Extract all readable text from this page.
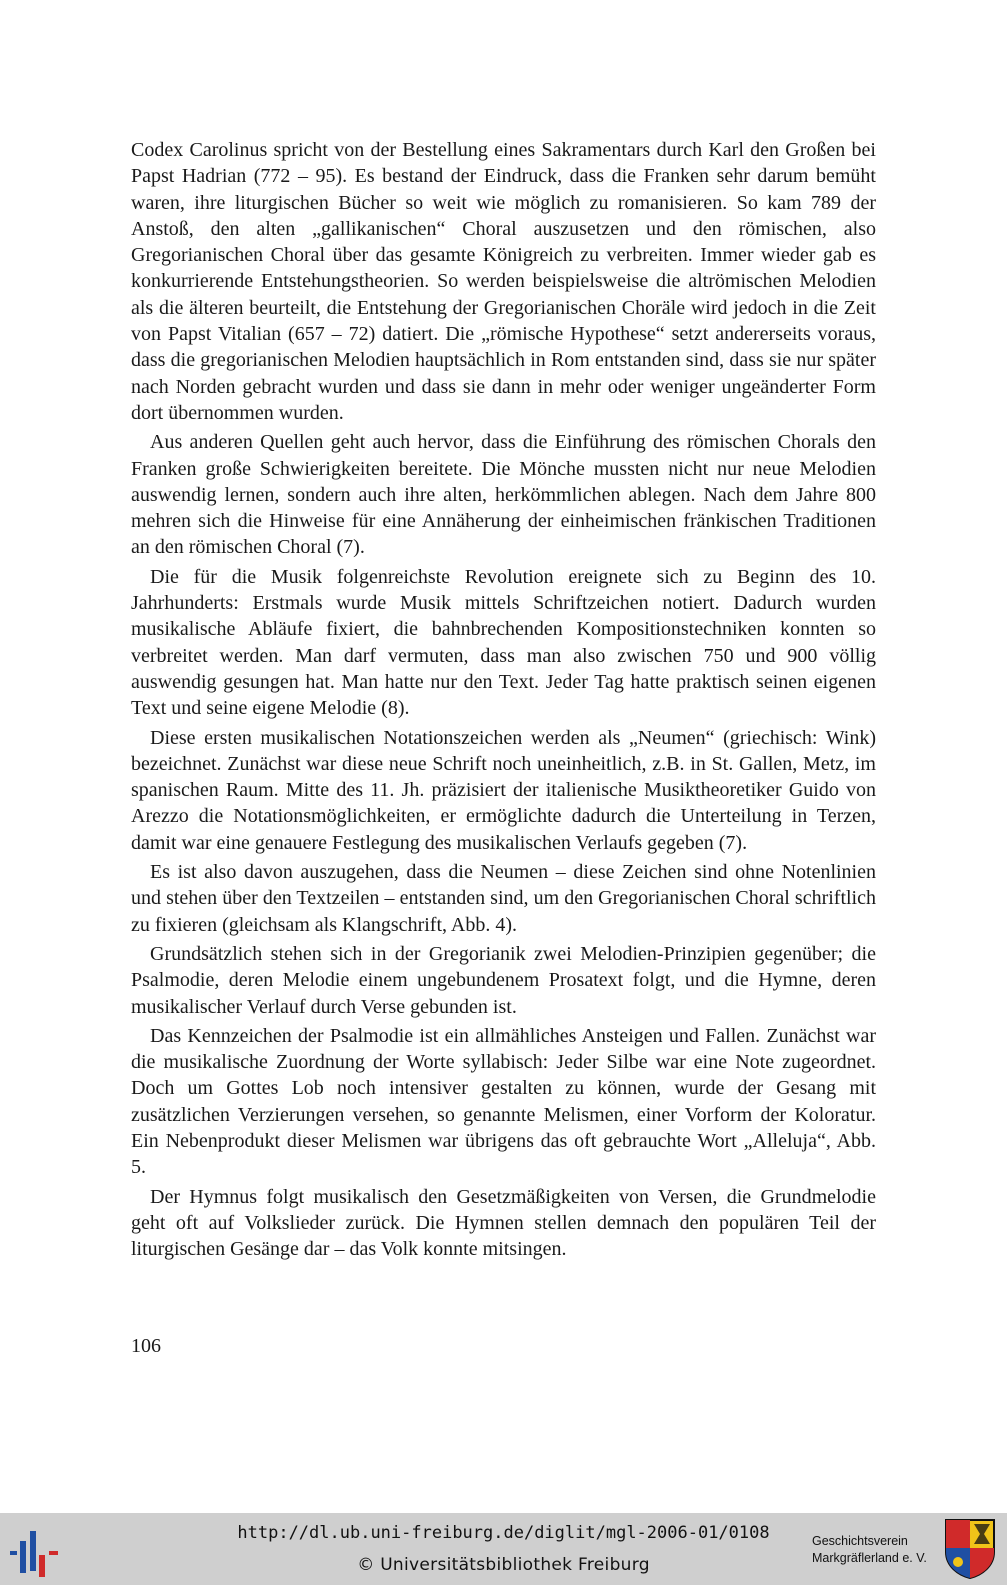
Codex Carolinus spricht von der Bestellung eines Sakramentars durch Karl den Großen bei Papst Hadrian (772 – 95). Es bestand der Eindruck, dass die Franken sehr darum bemüht waren, ihre liturgischen Bücher so weit wie möglich zu romanisieren. So kam 789 der Anstoß, den alten „gallikanischen“ Choral auszusetzen und den römischen, also Gregorianischen Choral über das gesamte Königreich zu verbreiten. Immer wieder gab es konkurrierende Entstehungstheorien. So werden beispielsweise die altrömischen Melodien als die älteren beurteilt, die Entstehung der Gregorianischen Choräle wird jedoch in die Zeit von Papst Vitalian (657 – 72) datiert. Die „römische Hypothese“ setzt andererseits voraus, dass die gregorianischen Melodien hauptsächlich in Rom entstanden sind, dass sie nur später nach Norden gebracht wurden und dass sie dann in mehr oder weniger ungeänderter Form dort übernommen wurden.

Aus anderen Quellen geht auch hervor, dass die Einführung des römischen Chorals den Franken große Schwierigkeiten bereitete. Die Mönche mussten nicht nur neue Melodien auswendig lernen, sondern auch ihre alten, herkömmlichen ablegen. Nach dem Jahre 800 mehren sich die Hinweise für eine Annäherung der einheimischen fränkischen Traditionen an den römischen Choral (7).

Die für die Musik folgenreichste Revolution ereignete sich zu Beginn des 10. Jahrhunderts: Erstmals wurde Musik mittels Schriftzeichen notiert. Dadurch wurden musikalische Abläufe fixiert, die bahnbrechenden Kompositionstechniken konnten so verbreitet werden. Man darf vermuten, dass man also zwischen 750 und 900 völlig auswendig gesungen hat. Man hatte nur den Text. Jeder Tag hatte praktisch seinen eigenen Text und seine eigene Melodie (8).

Diese ersten musikalischen Notationszeichen werden als „Neumen“ (griechisch: Wink) bezeichnet. Zunächst war diese neue Schrift noch uneinheitlich, z.B. in St. Gallen, Metz, im spanischen Raum. Mitte des 11. Jh. präzisiert der italienische Musiktheoretiker Guido von Arezzo die Notationsmöglichkeiten, er ermöglichte dadurch die Unterteilung in Terzen, damit war eine genauere Festlegung des musikalischen Verlaufs gegeben (7).

Es ist also davon auszugehen, dass die Neumen – diese Zeichen sind ohne Notenlinien und stehen über den Textzeilen – entstanden sind, um den Gregorianischen Choral schriftlich zu fixieren (gleichsam als Klangschrift, Abb. 4).

Grundsätzlich stehen sich in der Gregorianik zwei Melodien-Prinzipien gegenüber; die Psalmodie, deren Melodie einem ungebundenem Prosatext folgt, und die Hymne, deren musikalischer Verlauf durch Verse gebunden ist.

Das Kennzeichen der Psalmodie ist ein allmähliches Ansteigen und Fallen. Zunächst war die musikalische Zuordnung der Worte syllabisch: Jeder Silbe war eine Note zugeordnet. Doch um Gottes Lob noch intensiver gestalten zu können, wurde der Gesang mit zusätzlichen Verzierungen versehen, so genannte Melismen, einer Vorform der Koloratur. Ein Nebenprodukt dieser Melismen war übrigens das oft gebrauchte Wort „Alleluja“, Abb. 5.

Der Hymnus folgt musikalisch den Gesetzmäßigkeiten von Versen, die Grundmelodie geht oft auf Volkslieder zurück. Die Hymnen stellen demnach den populären Teil der liturgischen Gesänge dar – das Volk konnte mitsingen.

106
http://dl.ub.uni-freiburg.de/diglit/mgl-2006-01/0108
© Universitätsbibliothek Freiburg
Geschichtsverein
Markgräflerland e. V.
